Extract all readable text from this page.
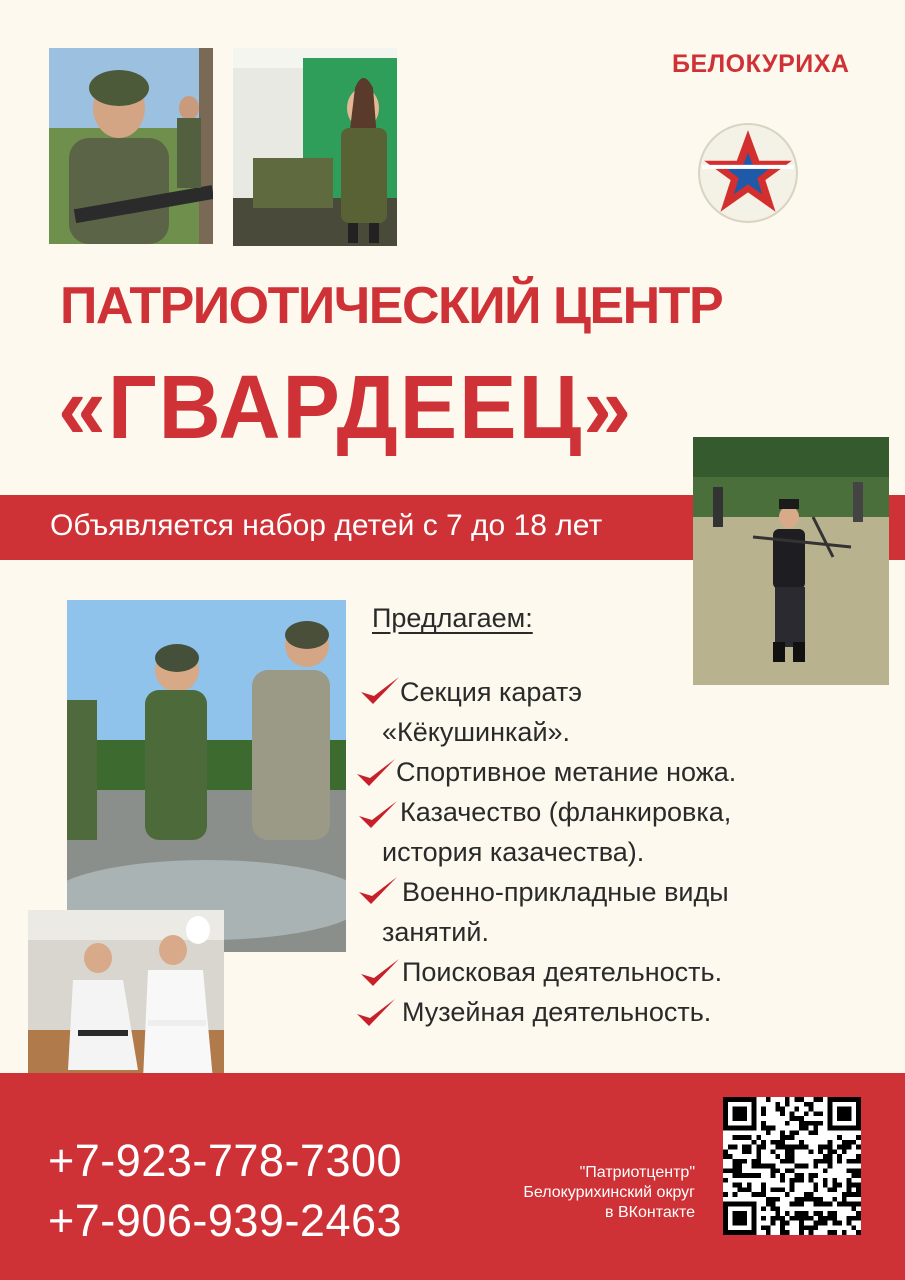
БЕЛОКУРИХА
ПАТРИОТИЧЕСКИЙ ЦЕНТР
«ГВАРДЕЕЦ»
Объявляется набор детей с 7 до 18 лет
Предлагаем:
Секция каратэ
«Кёкушинкай».
Спортивное метание ножа.
Казачество (фланкировка,
история казачества).
Военно-прикладные виды
занятий.
Поисковая деятельность.
Музейная деятельность.
+7-923-778-7300
+7-906-939-2463
"Патриотцентр"
Белокурихинский округ
в ВКонтакте
